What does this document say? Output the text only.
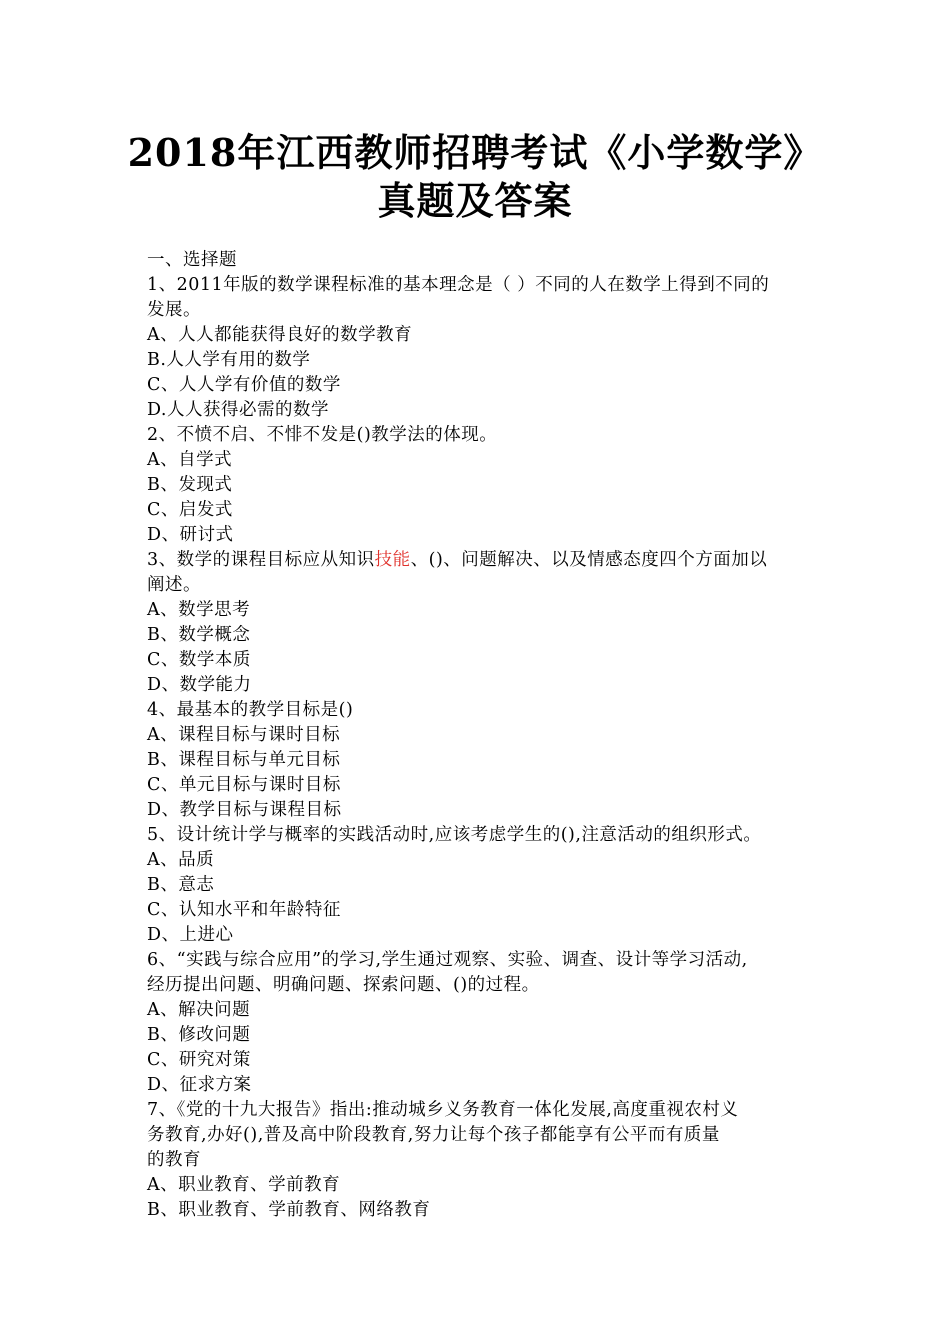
2018年江西教师招聘考试《小学数学》
真题及答案
一、选择题
1、2011年版的数学课程标准的基本理念是（ ）不同的人在数学上得到不同的
发展。
A、人人都能获得良好的数学教育
B.人人学有用的数学
C、人人学有价值的数学
D.人人获得必需的数学
2、不愤不启、不悱不发是()教学法的体现。
A、自学式
B、发现式
C、启发式
D、研讨式
3、数学的课程目标应从知识技能、()、问题解决、以及情感态度四个方面加以
阐述。
A、数学思考
B、数学概念
C、数学本质
D、数学能力
4、最基本的教学目标是()
A、课程目标与课时目标
B、课程目标与单元目标
C、单元目标与课时目标
D、教学目标与课程目标
5、设计统计学与概率的实践活动时,应该考虑学生的(),注意活动的组织形式。
A、品质
B、意志
C、认知水平和年龄特征
D、上进心
6、“实践与综合应用”的学习,学生通过观察、实验、调查、设计等学习活动,
经历提出问题、明确问题、探索问题、()的过程。
A、解决问题
B、修改问题
C、研究对策
D、征求方案
7、《党的十九大报告》指出:推动城乡义务教育一体化发展,高度重视农村义
务教育,办好(),普及高中阶段教育,努力让每个孩子都能享有公平而有质量
的教育
A、职业教育、学前教育
B、职业教育、学前教育、网络教育
